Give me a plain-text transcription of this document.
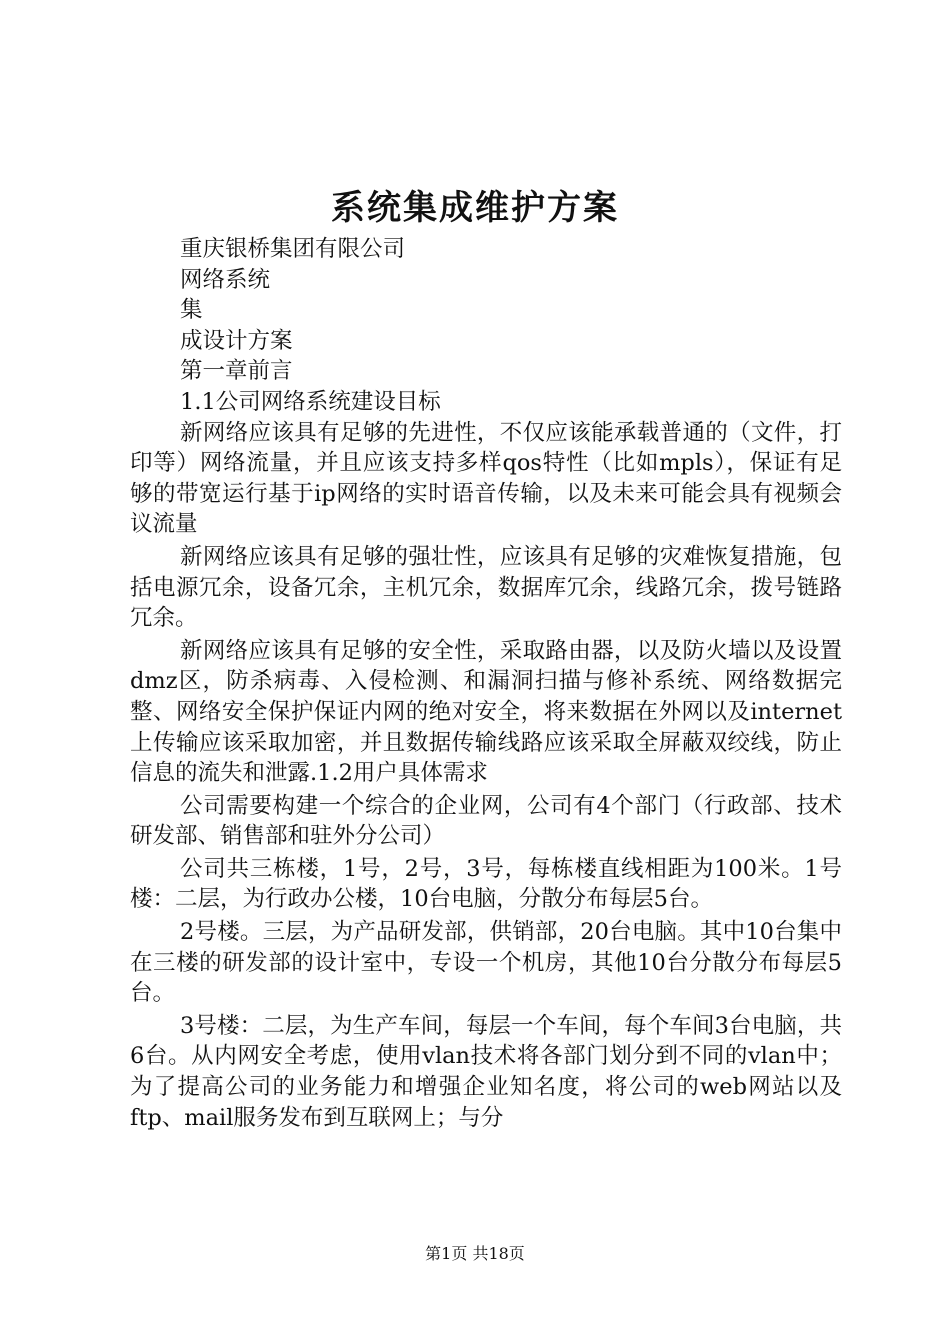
系统集成维护方案
重庆银桥集团有限公司
网络系统
集
成设计方案
第一章前言
1.1公司网络系统建设目标

新网络应该具有足够的先进性，不仅应该能承载普通的（文件，打印等）网络流量，并且应该支持多样qos特性（比如mpls），保证有足够的带宽运行基于ip网络的实时语音传输，以及未来可能会具有视频会议流量

新网络应该具有足够的强壮性，应该具有足够的灾难恢复措施，包括电源冗余，设备冗余，主机冗余，数据库冗余，线路冗余，拨号链路冗余。

新网络应该具有足够的安全性，采取路由器，以及防火墙以及设置dmz区，防杀病毒、入侵检测、和漏洞扫描与修补系统、网络数据完整、网络安全保护保证内网的绝对安全，将来数据在外网以及internet上传输应该采取加密，并且数据传输线路应该采取全屏蔽双绞线，防止信息的流失和泄露.1.2用户具体需求

公司需要构建一个综合的企业网，公司有4个部门（行政部、技术研发部、销售部和驻外分公司）

公司共三栋楼，1号，2号，3号，每栋楼直线相距为100米。1号楼：二层，为行政办公楼，10台电脑，分散分布每层5台。

2号楼。三层，为产品研发部，供销部，20台电脑。其中10台集中在三楼的研发部的设计室中，专设一个机房，其他10台分散分布每层5台。

3号楼：二层，为生产车间，每层一个车间，每个车间3台电脑，共6台。从内网安全考虑，使用vlan技术将各部门划分到不同的vlan中；为了提高公司的业务能力和增强企业知名度，将公司的web网站以及ftp、mail服务发布到互联网上；与分

第1页 共18页
